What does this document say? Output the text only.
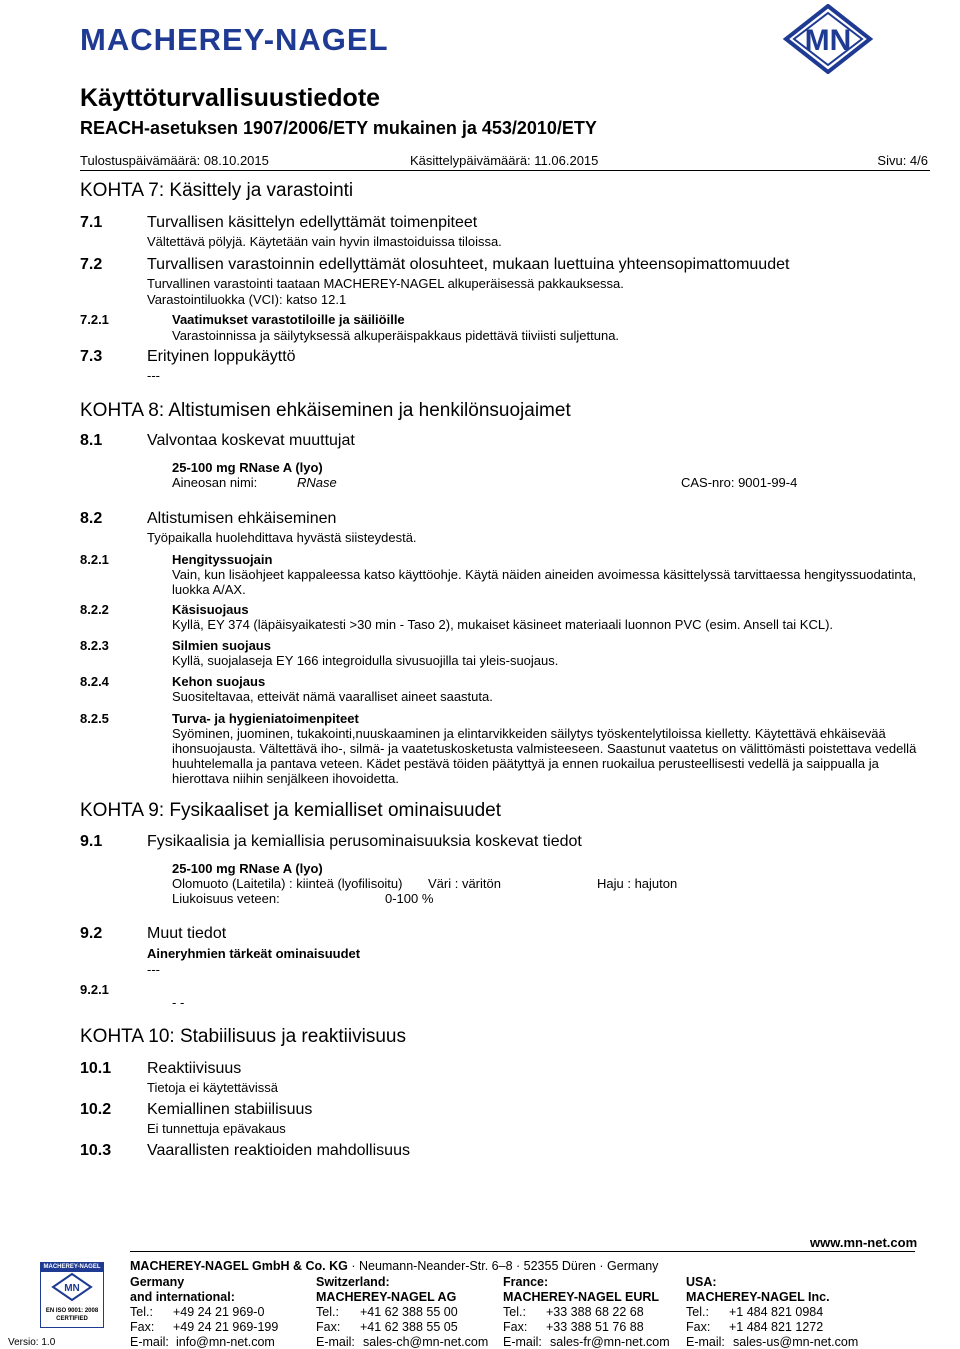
MACHEREY-NAGEL	MN
Käyttöturvallisuustiedote
REACH-asetuksen 1907/2006/ETY mukainen ja 453/2010/ETY
Tulostuspäivämäärä: 08.10.2015	Käsittelypäivämäärä: 11.06.2015	Sivu: 4/6
KOHTA 7: Käsittely ja varastointi
7.1	Turvallisen käsittelyn edellyttämät toimenpiteet
Vältettävä pölyjä. Käytetään vain hyvin ilmastoiduissa tiloissa.
7.2	Turvallisen varastoinnin edellyttämät olosuhteet, mukaan luettuina yhteensopimattomuudet
Turvallinen varastointi taataan MACHEREY-NAGEL alkuperäisessä pakkauksessa.
Varastointiluokka (VCI): katso 12.1
7.2.1	Vaatimukset varastotiloille ja säiliöille
Varastoinnissa ja säilytyksessä alkuperäispakkaus pidettävä tiiviisti suljettuna.
7.3	Erityinen loppukäyttö
---
KOHTA 8: Altistumisen ehkäiseminen ja henkilönsuojaimet
8.1	Valvontaa koskevat muuttujat
25-100 mg RNase A (lyo)
Aineosan nimi:	RNase	CAS-nro: 9001-99-4
8.2	Altistumisen ehkäiseminen
Työpaikalla huolehdittava hyvästä siisteydestä.
8.2.1	Hengityssuojain
Vain, kun lisäohjeet kappaleessa katso käyttöohje. Käytä näiden aineiden avoimessa käsittelyssä tarvittaessa hengityssuodatinta,
luokka A/AX.
8.2.2	Käsisuojaus
Kyllä, EY 374 (läpäisyaikatesti >30 min - Taso 2), mukaiset käsineet materiaali luonnon PVC (esim. Ansell tai KCL).
8.2.3	Silmien suojaus
Kyllä, suojalaseja EY 166 integroidulla sivusuojilla tai yleis-suojaus.
8.2.4	Kehon suojaus
Suositeltavaa, etteivät nämä vaaralliset aineet saastuta.
8.2.5	Turva- ja hygieniatoimenpiteet
Syöminen, juominen, tukakointi,nuuskaaminen ja elintarvikkeiden säilytys työskentelytiloissa kielletty. Käytettävä ehkäisevää
ihonsuojausta. Vältettävä iho-, silmä- ja vaatetuskosketusta valmisteeseen. Saastunut vaatetus on välittömästi poistettava vedellä
huuhtelemalla ja pantava veteen. Kädet pestävä töiden päätyttyä ja ennen ruokailua perusteellisesti vedellä ja saippualla ja
hierottava niihin senjälkeen ihovoidetta.
KOHTA 9: Fysikaaliset ja kemialliset ominaisuudet
9.1	Fysikaalisia ja kemiallisia perusominaisuuksia koskevat tiedot
25-100 mg RNase A (lyo)
Olomuoto (Laitetila) : kiinteä (lyofilisoitu) Väri : väritön	Haju : hajuton
Liukoisuus veteen:	0-100 %
9.2	Muut tiedot
Aineryhmien tärkeät ominaisuudet
---
9.2.1
- -
KOHTA 10: Stabiilisuus ja reaktiivisuus
10.1 Reaktiivisuus
Tietoja ei käytettävissä
10.2 Kemiallinen stabiilisuus
Ei tunnettuja epävakaus
10.3 Vaarallisten reaktioiden mahdollisuus
www.mn-net.com
MACHEREY-NAGEL
MN
EN ISO 9001: 2008
CERTIFIED
Versio: 1.0
MACHEREY-NAGEL GmbH & Co. KG · Neumann-Neander-Str. 6–8 · 52355 Düren · Germany
Germany
and international:
Tel.: +49 24 21 969-0
Fax: +49 24 21 969-199
E-mail: info@mn-net.com
Switzerland:
MACHEREY-NAGEL AG
Tel.: +41 62 388 55 00
Fax: +41 62 388 55 05
E-mail: sales-ch@mn-net.com
France:
MACHEREY-NAGEL EURL
Tel.: +33 388 68 22 68
Fax: +33 388 51 76 88
E-mail: sales-fr@mn-net.com
USA:
MACHEREY-NAGEL Inc.
Tel.: +1 484 821 0984
Fax: +1 484 821 1272
E-mail: sales-us@mn-net.com
